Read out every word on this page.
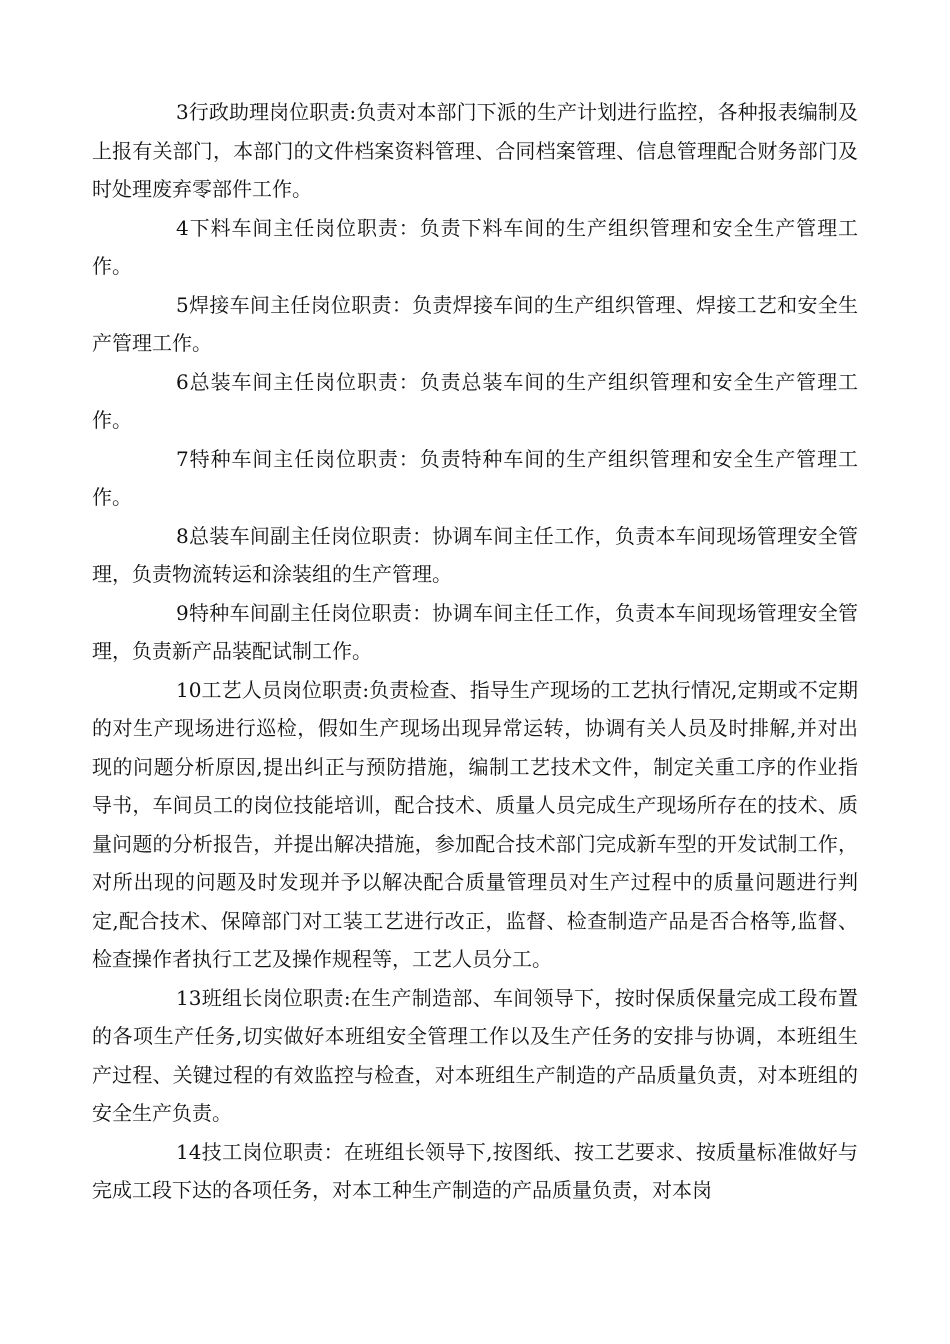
3行政助理岗位职责:负责对本部门下派的生产计划进行监控，各种报表编制及上报有关部门，本部门的文件档案资料管理、合同档案管理、信息管理配合财务部门及时处理废弃零部件工作。

4下料车间主任岗位职责：负责下料车间的生产组织管理和安全生产管理工作。

5焊接车间主任岗位职责：负责焊接车间的生产组织管理、焊接工艺和安全生产管理工作。

6总装车间主任岗位职责：负责总装车间的生产组织管理和安全生产管理工作。

7特种车间主任岗位职责：负责特种车间的生产组织管理和安全生产管理工作。

8总装车间副主任岗位职责：协调车间主任工作，负责本车间现场管理安全管理，负责物流转运和涂装组的生产管理。

9特种车间副主任岗位职责：协调车间主任工作，负责本车间现场管理安全管理，负责新产品装配试制工作。

10工艺人员岗位职责:负责检查、指导生产现场的工艺执行情况,定期或不定期的对生产现场进行巡检，假如生产现场出现异常运转，协调有关人员及时排解,并对出现的问题分析原因,提出纠正与预防措施，编制工艺技术文件，制定关重工序的作业指导书，车间员工的岗位技能培训，配合技术、质量人员完成生产现场所存在的技术、质量问题的分析报告，并提出解决措施，参加配合技术部门完成新车型的开发试制工作，对所出现的问题及时发现并予以解决配合质量管理员对生产过程中的质量问题进行判定,配合技术、保障部门对工装工艺进行改正，监督、检查制造产品是否合格等,监督、检查操作者执行工艺及操作规程等，工艺人员分工。

13班组长岗位职责:在生产制造部、车间领导下，按时保质保量完成工段布置的各项生产任务,切实做好本班组安全管理工作以及生产任务的安排与协调，本班组生产过程、关键过程的有效监控与检查，对本班组生产制造的产品质量负责，对本班组的安全生产负责。

14技工岗位职责：在班组长领导下,按图纸、按工艺要求、按质量标准做好与完成工段下达的各项任务，对本工种生产制造的产品质量负责，对本岗
